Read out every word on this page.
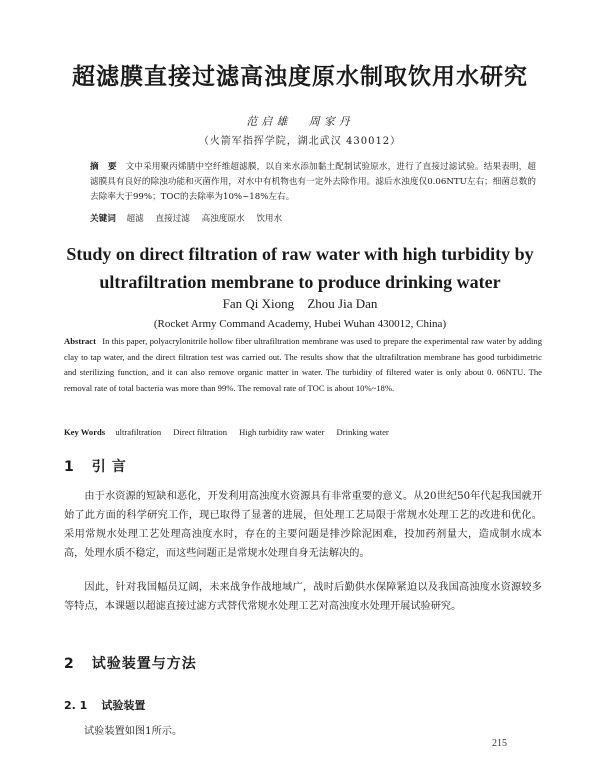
超滤膜直接过滤高浊度原水制取饮用水研究
范启雄 周家丹
（火箭军指挥学院，湖北武汉 430012）
摘 要 文中采用聚丙烯腈中空纤维超滤膜，以自来水添加黏土配制试验原水，进行了直接过滤试验。结果表明，超滤膜具有良好的除浊功能和灭菌作用，对水中有机物也有一定外去除作用。滤后水浊度仅0.06NTU左右；细菌总数的去除率大于99%；TOC的去除率为10%~18%左右。
关键词 超滤 直接过滤 高浊度原水 饮用水
Study on direct filtration of raw water with high turbidity by ultrafiltration membrane to produce drinking water
Fan Qi Xiong Zhou Jia Dan
(Rocket Army Command Academy, Hubei Wuhan 430012, China)
Abstract In this paper, polyacrylonitrile hollow fiber ultrafiltration membrane was used to prepare the experimental raw water by adding clay to tap water, and the direct filtration test was carried out. The results show that the ultrafiltration membrane has good turbidimetric and sterilizing function, and it can also remove organic matter in water. The turbidity of filtered water is only about 0. 06NTU. The removal rate of total bacteria was more than 99%. The removal rate of TOC is about 10%~18%.
Key Words ultrafiltration Direct filtration High turbidity raw water Drinking water
1 引言
由于水资源的短缺和恶化，开发利用高浊度水资源具有非常重要的意义。从20世纪50年代起我国就开始了此方面的科学研究工作，现已取得了显著的进展，但处理工艺局限于常规水处理工艺的改进和优化。采用常规水处理工艺处理高浊度水时，存在的主要问题是排沙除泥困难，投加药剂量大，造成制水成本高，处理水质不稳定，而这些问题正是常规水处理自身无法解决的。
因此，针对我国幅员辽阔，未来战争作战地域广，战时后勤供水保障紧迫以及我国高浊度水资源较多等特点，本课题以超滤直接过滤方式替代常规水处理工艺对高浊度水处理开展试验研究。
2 试验装置与方法
2. 1 试验装置
试验装置如图1所示。
215
